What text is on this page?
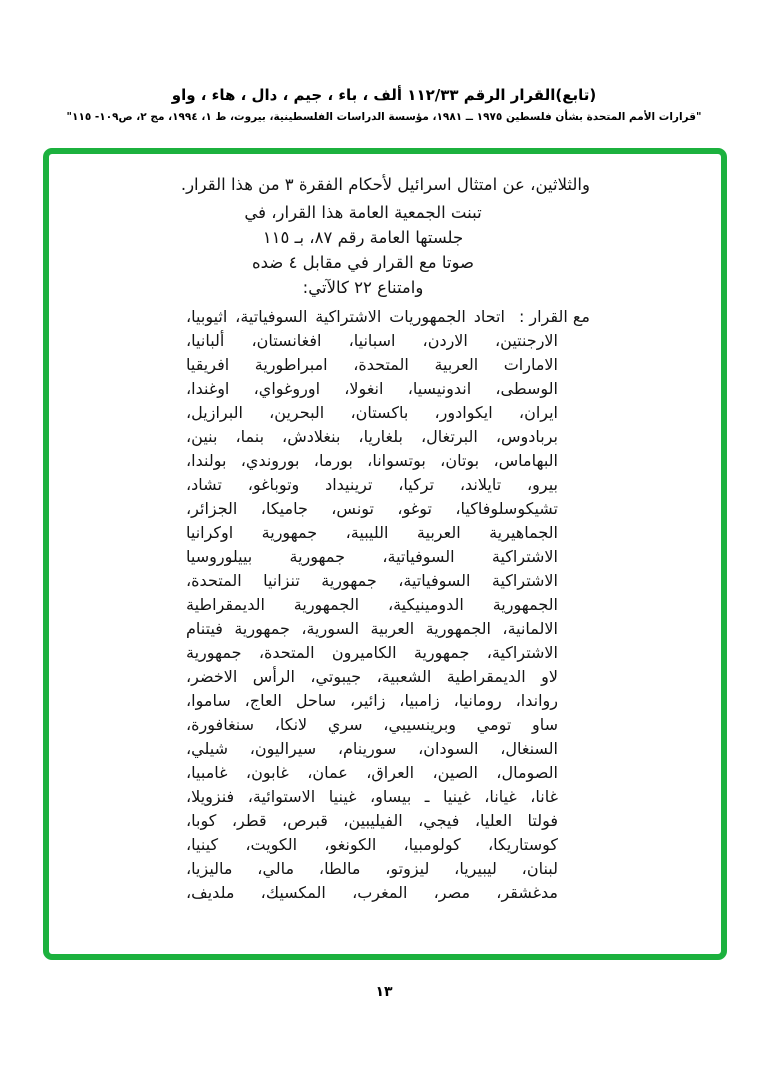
(تابع)القرار الرقم ١١٢/٣٣ ألف ، باء ، جيم ، دال ، هاء ، واو
"قرارات الأمم المتحدة بشأن فلسطين ١٩٧٥ ــ ١٩٨١، مؤسسة الدراسات الفلسطينية، بيروت، ط ١، ١٩٩٤، مج ٢، ص١٠٩- ١١٥"
والثلاثين، عن امتثال اسرائيل لأحكام الفقرة ٣ من هذا القرار.
تبنت الجمعية العامة هذا القرار، في
جلستها العامة رقم ٨٧، بـ ١١٥
صوتا مع القرار في مقابل ٤ ضده
وامتناع ٢٢ كالآتي:
مع القرار :
اتحاد الجمهوريات الاشتراكية السوفياتية، اثيوبيا،
الارجنتين، الاردن، اسبانيا، افغانستان، ألبانيا،
الامارات العربية المتحدة، امبراطورية افريقيا
الوسطى، اندونيسيا، انغولا، اوروغواي، اوغندا،
ايران، ايكوادور، باكستان، البحرين، البرازيل،
بربادوس، البرتغال، بلغاريا، بنغلادش، بنما، بنين،
البهاماس، بوتان، بوتسوانا، بورما، بوروندي، بولندا،
بيرو، تايلاند، تركيا، ترينيداد وتوباغو، تشاد،
تشيكوسلوفاكيا، توغو، تونس، جاميكا، الجزائر،
الجماهيرية العربية الليبية، جمهورية اوكرانيا
الاشتراكية السوفياتية، جمهورية بييلوروسيا
الاشتراكية السوفياتية، جمهورية تنزانيا المتحدة،
الجمهورية الدومينيكية، الجمهورية الديمقراطية
الالمانية، الجمهورية العربية السورية، جمهورية فيتنام
الاشتراكية، جمهورية الكاميرون المتحدة، جمهورية
لاو الديمقراطية الشعبية، جيبوتي، الرأس الاخضر،
رواندا، رومانيا، زامبيا، زائير، ساحل العاج، ساموا،
ساو تومي وبرينسيبي، سري لانكا، سنغافورة،
السنغال، السودان، سورينام، سيراليون، شيلي،
الصومال، الصين، العراق، عمان، غابون، غامبيا،
غانا، غيانا، غينيا ـ بيساو، غينيا الاستوائية، فنزويلا،
فولتا العليا، فيجي، الفيليبين، قبرص، قطر، كوبا،
كوستاريكا، كولومبيا، الكونغو، الكويت، كينيا،
لبنان، ليبيريا، ليزوتو، مالطا، مالي، ماليزيا،
مدغشقر، مصر، المغرب، المكسيك، ملديف،
١٣
